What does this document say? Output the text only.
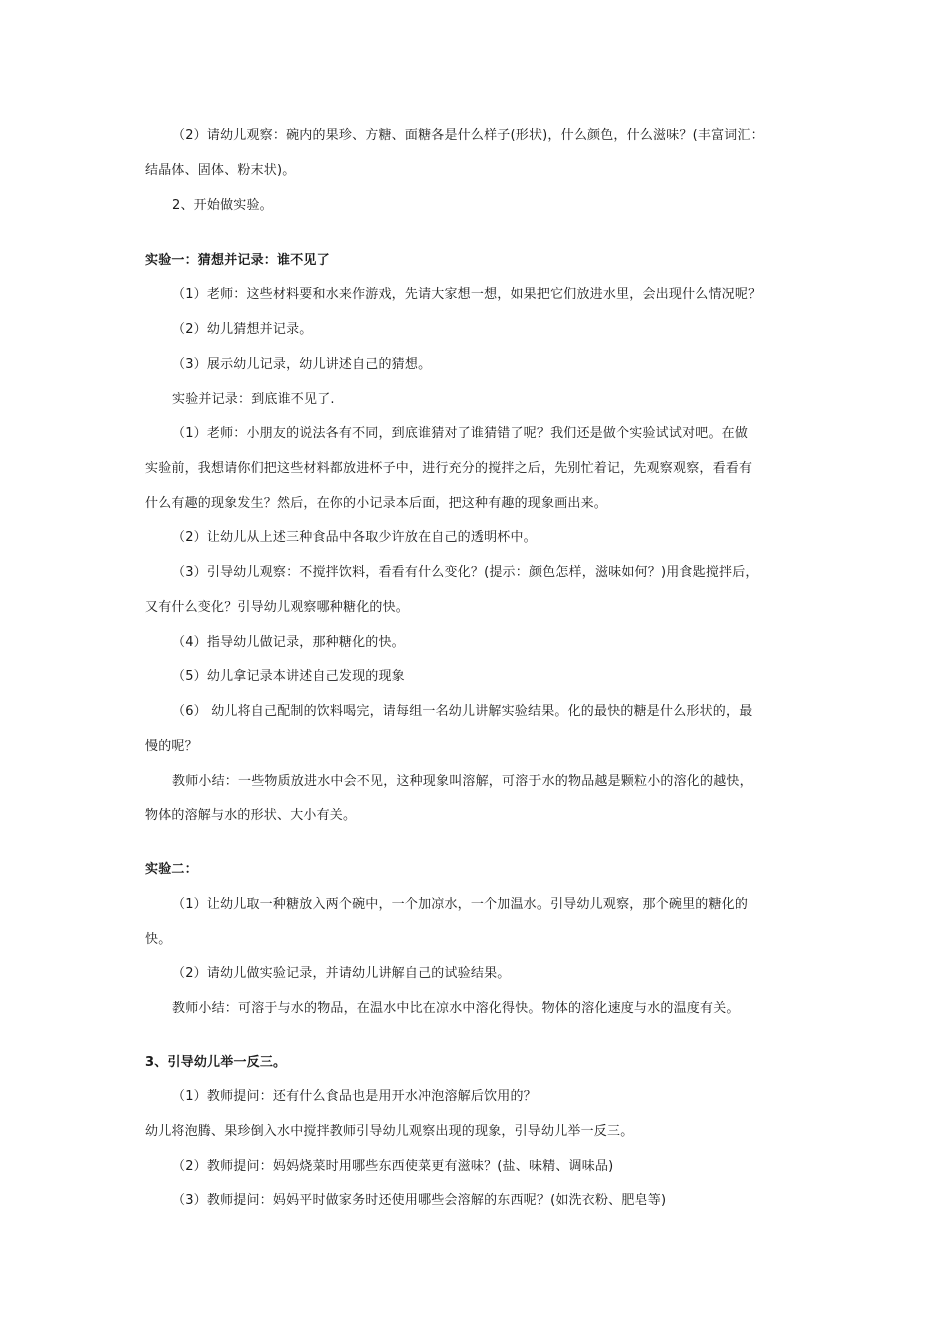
（2）请幼儿观察：碗内的果珍、方糖、面糖各是什么样子(形状)，什么颜色，什么滋味？(丰富词汇：
结晶体、固体、粉末状)。
2、开始做实验。
实验一：猜想并记录：谁不见了
（1）老师：这些材料要和水来作游戏，先请大家想一想，如果把它们放进水里，会出现什么情况呢？
（2）幼儿猜想并记录。
（3）展示幼儿记录，幼儿讲述自己的猜想。
实验并记录：到底谁不见了.
（1）老师：小朋友的说法各有不同，到底谁猜对了谁猜错了呢？我们还是做个实验试试对吧。在做
实验前，我想请你们把这些材料都放进杯子中，进行充分的搅拌之后，先别忙着记，先观察观察，看看有
什么有趣的现象发生？然后，在你的小记录本后面，把这种有趣的现象画出来。
（2）让幼儿从上述三种食品中各取少许放在自己的透明杯中。
（3）引导幼儿观察：不搅拌饮料，看看有什么变化？(提示：颜色怎样，滋味如何？)用食匙搅拌后，
又有什么变化？引导幼儿观察哪种糖化的快。
（4）指导幼儿做记录，那种糖化的快。
（5）幼儿拿记录本讲述自己发现的现象
（6） 幼儿将自己配制的饮料喝完，请每组一名幼儿讲解实验结果。化的最快的糖是什么形状的，最
慢的呢？
教师小结：一些物质放进水中会不见，这种现象叫溶解，可溶于水的物品越是颗粒小的溶化的越快，
物体的溶解与水的形状、大小有关。
实验二：
（1）让幼儿取一种糖放入两个碗中，一个加凉水，一个加温水。引导幼儿观察，那个碗里的糖化的
快。
（2）请幼儿做实验记录，并请幼儿讲解自己的试验结果。
教师小结：可溶于与水的物品，在温水中比在凉水中溶化得快。物体的溶化速度与水的温度有关。
3、引导幼儿举一反三。
（1）教师提问：还有什么食品也是用开水冲泡溶解后饮用的？
幼儿将泡腾、果珍倒入水中搅拌教师引导幼儿观察出现的现象，引导幼儿举一反三。
（2）教师提问：妈妈烧菜时用哪些东西使菜更有滋味？(盐、味精、调味品)
（3）教师提问：妈妈平时做家务时还使用哪些会溶解的东西呢？(如洗衣粉、肥皂等)
